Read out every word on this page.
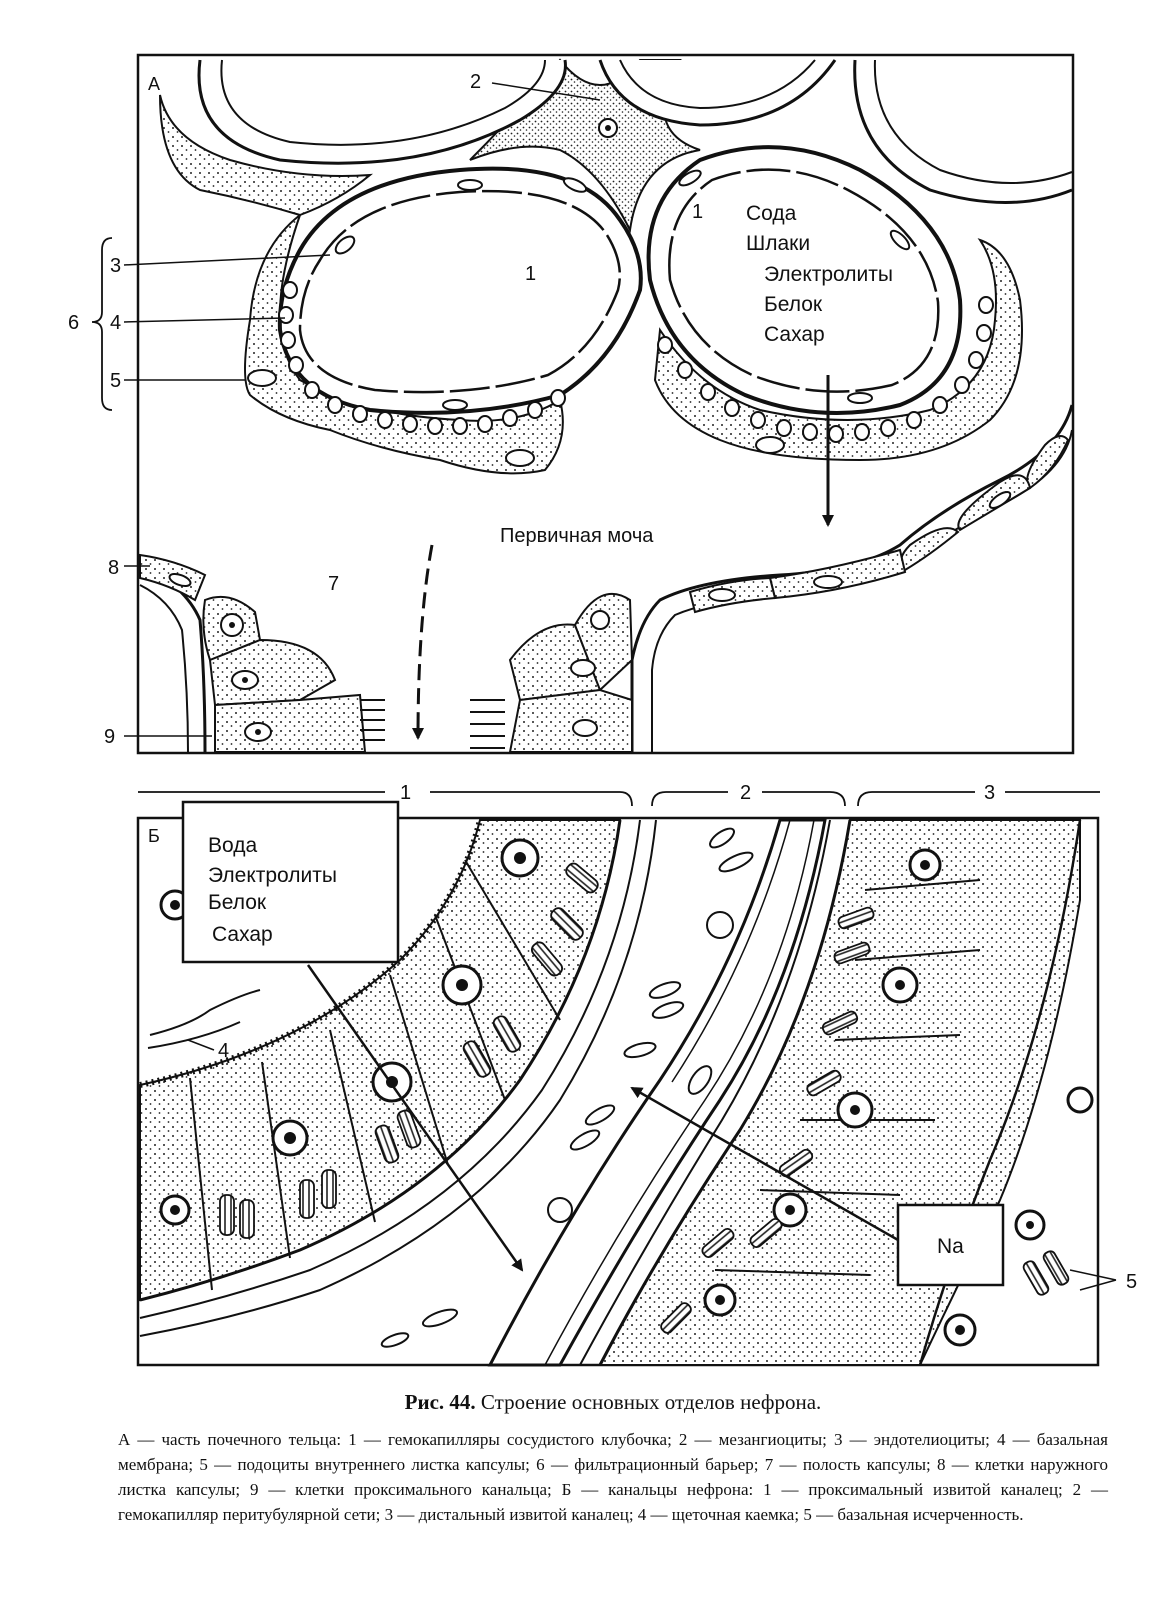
А
1
1
2
3
4
5
6
7
8
9
Сода
Шлаки
Электролиты
Белок
Сахар
Первичная моча
1	2	3
Б Вода
Электролиты
Белок
Сахар
Na
4
5

Рис. 44. Строение основных отделов нефрона.

А — часть почечного тельца: 1 — гемокапилляры сосудистого клубочка; 2 — мезангиоциты; 3 — эндотелиоциты; 4 — базальная мембрана; 5 — подоциты внутреннего листка капсулы; 6 — фильтрационный барьер; 7 — полость капсулы; 8 — клетки наружного листка капсулы; 9 — клетки проксимального канальца; Б — канальцы нефрона: 1 — проксимальный извитой каналец; 2 — гемокапилляр перитубулярной сети; 3 — дистальный извитой каналец; 4 — щеточная каемка; 5 — базальная исчерченность.
